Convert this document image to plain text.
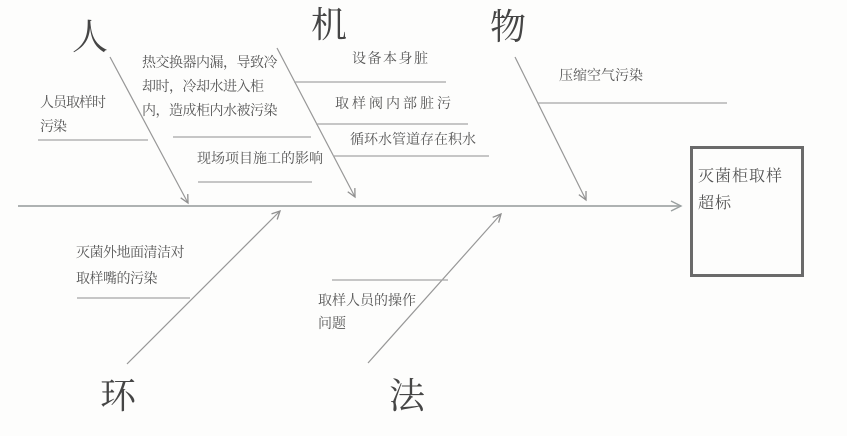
人	机	物
环	法
人员取样时
污染
热交换器内漏，导致冷
却时，冷却水进入柜
内，造成柜内水被污染
现场项目施工的影响
设备本身脏
取样阀内部脏污
循环水管道存在积水
压缩空气污染
灭菌外地面清洁对
取样嘴的污染
取样人员的操作
问题
灭菌柜取样
超标
